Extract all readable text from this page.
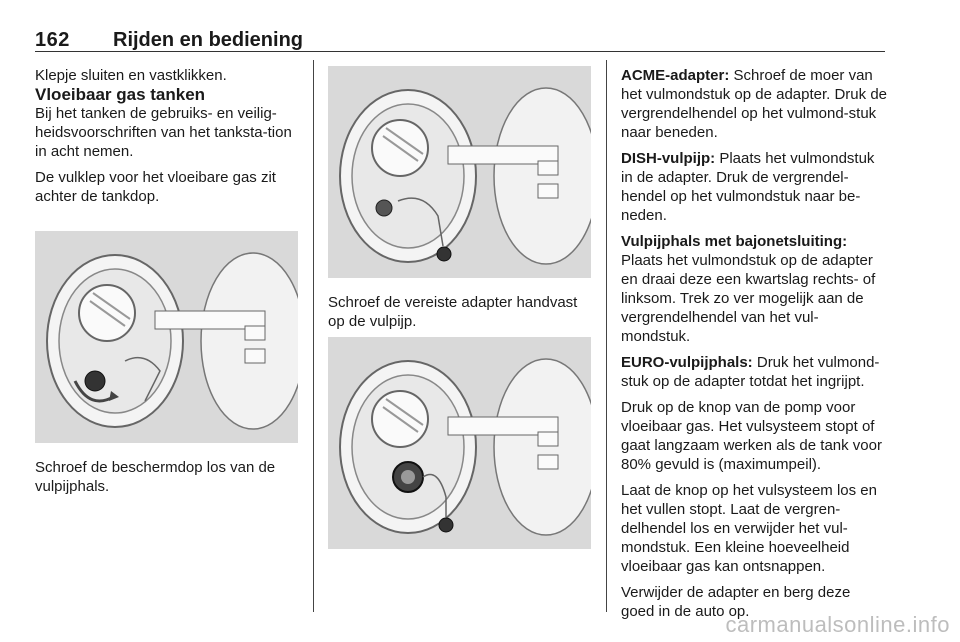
162 Rijden en bediening

Klepje sluiten en vastklikken.

Vloeibaar gas tanken

Bij het tanken de gebruiks- en veilig-heidsvoorschriften van het tanksta-tion in acht nemen.

De vulklep voor het vloeibare gas zit achter de tankdop.

Schroef de beschermdop los van de vulpijphals.

Schroef de vereiste adapter handvast op de vulpijp.

ACME-adapter: Schroef de moer van het vulmondstuk op de adapter. Druk de vergrendelhendel op het vulmond-stuk naar beneden.

DISH-vulpijp: Plaats het vulmondstuk in de adapter. Druk de vergrendel-hendel op het vulmondstuk naar be-neden.

Vulpijphals met bajonetsluiting:
Plaats het vulmondstuk op de adapter en draai deze een kwartslag rechts- of linksom. Trek zo ver mogelijk aan de vergrendelhendel van het vul-mondstuk.

EURO-vulpijphals: Druk het vulmond-stuk op de adapter totdat het ingrijpt.

Druk op de knop van de pomp voor vloeibaar gas. Het vulsysteem stopt of gaat langzaam werken als de tank voor 80% gevuld is (maximumpeil).

Laat de knop op het vulsysteem los en het vullen stopt. Laat de vergren-delhendel los en verwijder het vul-mondstuk. Een kleine hoeveelheid vloeibaar gas kan ontsnappen.

Verwijder de adapter en berg deze goed in de auto op.

carmanualsonline.info
